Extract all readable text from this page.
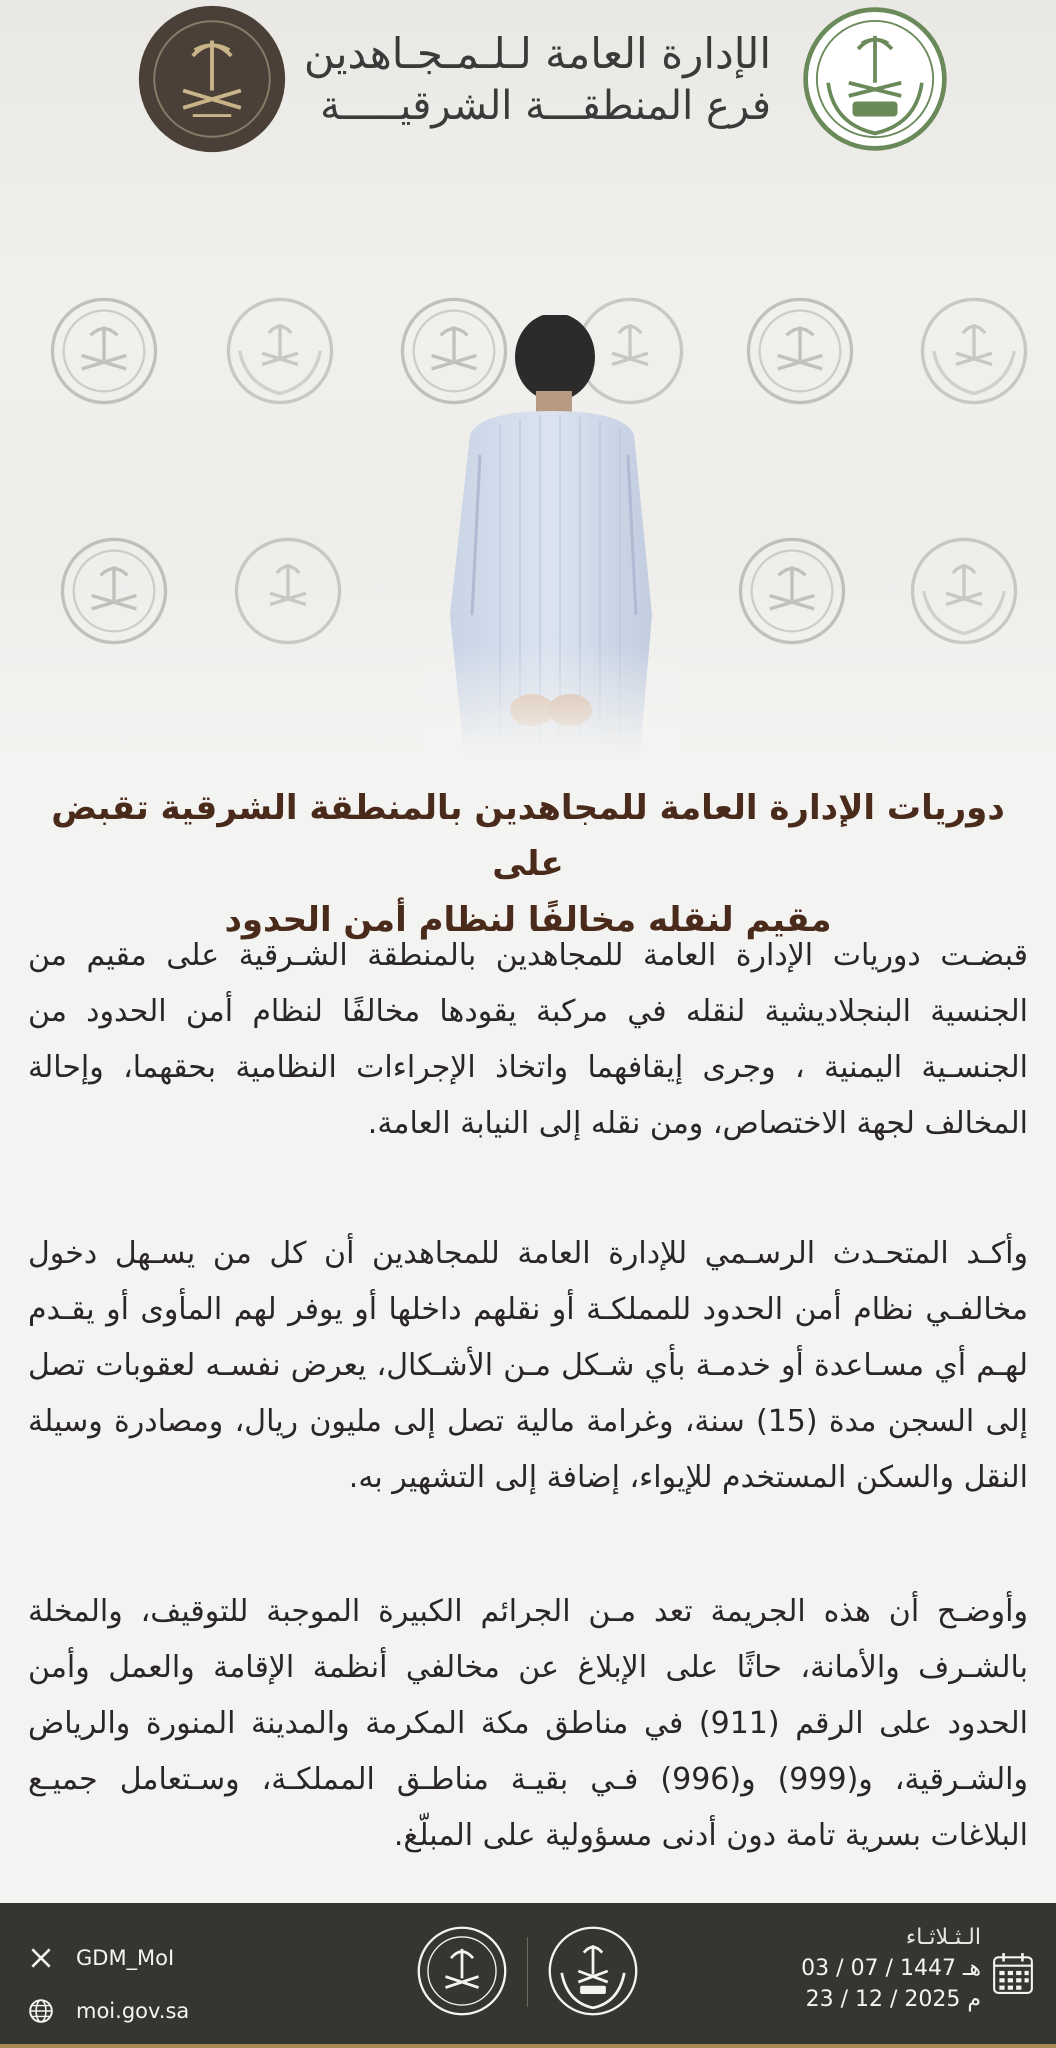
الإدارة العامة لـلـمـجـاهدين
فرع المنطقـــة الشرقيـــــة
دوريات الإدارة العامة للمجاهدين بالمنطقة الشرقية تقبض على
مقيم لنقله مخالفًا لنظام أمن الحدود
قبضـت دوريات الإدارة العامة للمجاهدين بالمنطقة الشـرقية على مقيم من الجنسية البنجلاديشية لنقله في مركبة يقودها مخالفًا لنظام أمن الحدود من الجنسـية اليمنية ، وجرى إيقافهما واتخاذ الإجراءات النظامية بحقهما، وإحالة المخالف لجهة الاختصاص، ومن نقله إلى النيابة العامة.
وأكـد المتحـدث الرسـمي للإدارة العامة للمجاهدين أن كل من يسـهل دخول مخالفـي نظام أمن الحدود للمملكـة أو نقلهم داخلها أو يوفر لهم المأوى أو يقـدم لهـم أي مسـاعدة أو خدمـة بأي شـكل مـن الأشـكال، يعرض نفسـه لعقوبات تصل إلى السجن مدة (15) سنة، وغرامة مالية تصل إلى مليون ريال، ومصادرة وسيلة النقل والسكن المستخدم للإيواء، إضافة إلى التشهير به.
وأوضـح أن هذه الجريمة تعد مـن الجرائم الكبيرة الموجبة للتوقيف، والمخلة بالشـرف والأمانة، حاثًا على الإبلاغ عن مخالفي أنظمة الإقامة والعمل وأمن الحدود على الرقم (911) في مناطق مكة المكرمة والمدينة المنورة والرياض والشـرقية، و(999) و(996) فـي بقيـة مناطـق المملكـة، وسـتعامل جميـع البلاغات بسرية تامة دون أدنى مسؤولية على المبلّغ.
GDM_MoI
moi.gov.sa
الـثـلاثـاء
03 / 07 / 1447 هـ
23 / 12 / 2025 م
